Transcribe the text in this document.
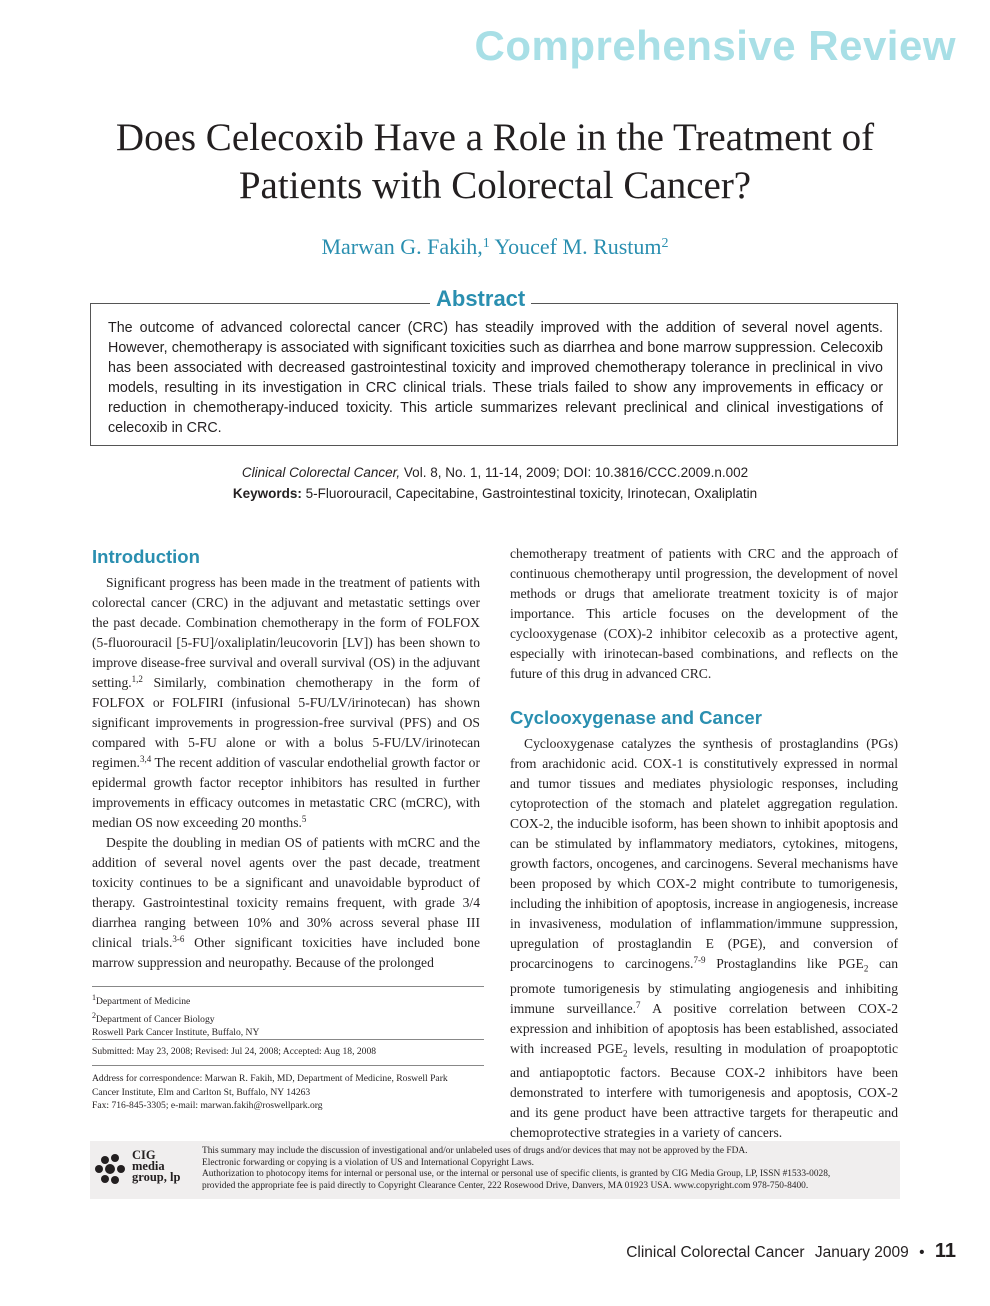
Comprehensive Review
Does Celecoxib Have a Role in the Treatment of
Patients with Colorectal Cancer?
Marwan G. Fakih,$^1$ Youcef M. Rustum$^2$
Abstract
The outcome of advanced colorectal cancer (CRC) has steadily improved with the addition of several novel agents. However, chemotherapy is associated with significant toxicities such as diarrhea and bone marrow suppression. Celecoxib has been associated with decreased gastrointestinal toxicity and improved chemotherapy tolerance in preclinical in vivo models, resulting in its investigation in CRC clinical trials. These trials failed to show any improvements in efficacy or reduction in chemotherapy-induced toxicity. This article summarizes relevant preclinical and clinical investigations of celecoxib in CRC.
Clinical Colorectal Cancer, Vol. 8, No. 1, 11-14, 2009; DOI: 10.3816/CCC.2009.n.002
Keywords: 5-Fluorouracil, Capecitabine, Gastrointestinal toxicity, Irinotecan, Oxaliplatin
Introduction

Significant progress has been made in the treatment of patients with colorectal cancer (CRC) in the adjuvant and metastatic settings over the past decade. Combination chemotherapy in the form of FOLFOX (5-fluorouracil [5-FU]/oxaliplatin/leucovorin [LV]) has been shown to improve disease-free survival and overall survival (OS) in the adjuvant setting.$^{1,2}$ Similarly, combination chemotherapy in the form of FOLFOX or FOLFIRI (infusional 5-FU/LV/irinotecan) has shown significant improvements in progression-free survival (PFS) and OS compared with 5-FU alone or with a bolus 5-FU/LV/irinotecan regimen.$^{3,4}$ The recent addition of vascular endothelial growth factor or epidermal growth factor receptor inhibitors has resulted in further improvements in efficacy outcomes in metastatic CRC (mCRC), with median OS now exceeding 20 months.$^5$

Despite the doubling in median OS of patients with mCRC and the addition of several novel agents over the past decade, treatment toxicity continues to be a significant and unavoidable byproduct of therapy. Gastrointestinal toxicity remains frequent, with grade 3/4 diarrhea ranging between 10% and 30% across several phase III clinical trials.$^{3-6}$ Other significant toxicities have included bone marrow suppression and neuropathy. Because of the prolonged

$^1$Department of Medicine
$^2$Department of Cancer Biology
Roswell Park Cancer Institute, Buffalo, NY
Submitted: May 23, 2008; Revised: Jul 24, 2008; Accepted: Aug 18, 2008
Address for correspondence: Marwan R. Fakih, MD, Department of Medicine, Roswell Park
Cancer Institute, Elm and Carlton St, Buffalo, NY 14263
Fax: 716-845-3305; e-mail: marwan.fakih@roswellpark.org

chemotherapy treatment of patients with CRC and the approach of continuous chemotherapy until progression, the development of novel methods or drugs that ameliorate treatment toxicity is of major importance. This article focuses on the development of the cyclooxygenase (COX)-2 inhibitor celecoxib as a protective agent, especially with irinotecan-based combinations, and reflects on the future of this drug in advanced CRC.

Cyclooxygenase and Cancer

Cyclooxygenase catalyzes the synthesis of prostaglandins (PGs) from arachidonic acid. COX-1 is constitutively expressed in normal and tumor tissues and mediates physiologic responses, including cytoprotection of the stomach and platelet aggregation regulation. COX-2, the inducible isoform, has been shown to inhibit apoptosis and can be stimulated by inflammatory mediators, cytokines, mitogens, growth factors, oncogenes, and carcinogens. Several mechanisms have been proposed by which COX-2 might contribute to tumorigenesis, including the inhibition of apoptosis, increase in angiogenesis, increase in invasiveness, modulation of inflammation/immune suppression, upregulation of prostaglandin E (PGE), and conversion of procarcinogens to carcinogens.$^{7-9}$ Prostaglandins like $PGE_2$ can promote tumorigenesis by stimulating angiogenesis and inhibiting immune surveillance.$^7$ A positive correlation between COX-2 expression and inhibition of apoptosis has been established, associated with increased $PGE_2$ levels, resulting in modulation of proapoptotic and antiapoptotic factors. Because COX-2 inhibitors have been demonstrated to interfere with tumorigenesis and apoptosis, COX-2 and its gene product have been attractive targets for therapeutic and chemoprotective strategies in a variety of cancers.

CIG
media
group, lp
This summary may include the discussion of investigational and/or unlabeled uses of drugs and/or devices that may not be approved by the FDA.
Electronic forwarding or copying is a violation of US and International Copyright Laws.
Authorization to photocopy items for internal or personal use, or the internal or personal use of specific clients, is granted by CIG Media Group, LP, ISSN #1533-0028,
provided the appropriate fee is paid directly to Copyright Clearance Center, 222 Rosewood Drive, Danvers, MA 01923 USA. www.copyright.com 978-750-8400.
Clinical Colorectal Cancer January 2009 • 11
